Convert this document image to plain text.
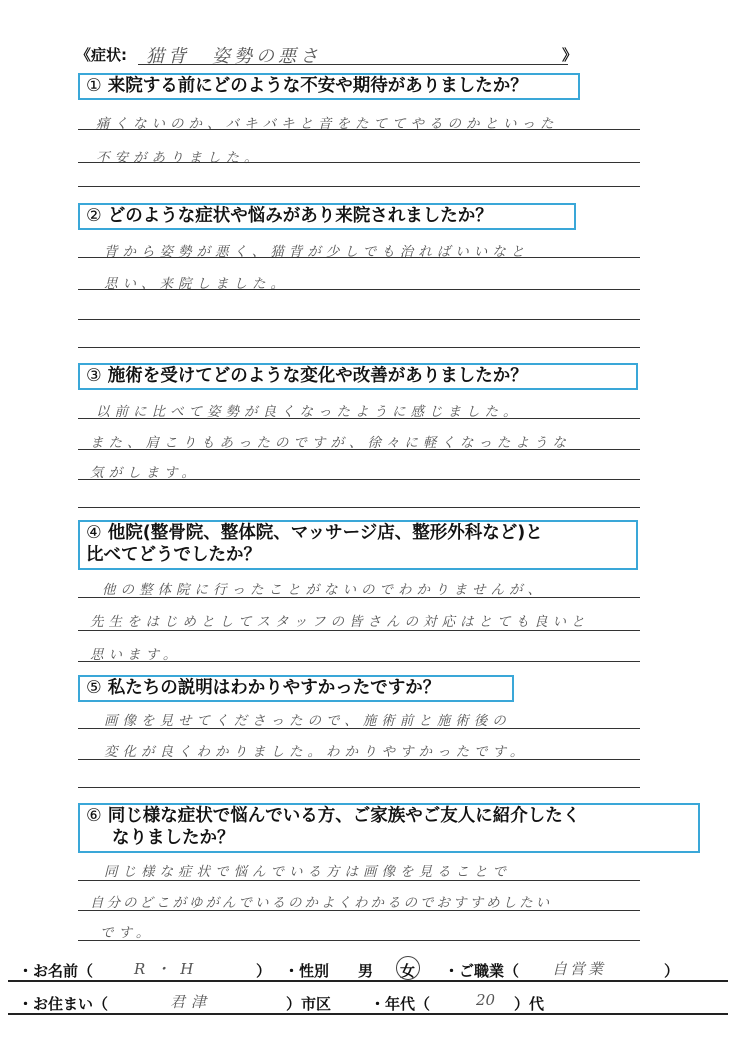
《症状: 猫背　姿勢の悪さ	》
① 来院する前にどのような不安や期待がありましたか？
痛くないのか、バキバキと音をたててやるのかといった
不安がありました。
② どのような症状や悩みがあり来院されましたか？
背から姿勢が悪く、猫背が少しでも治ればいいなと
思い、来院しました。
③ 施術を受けてどのような変化や改善がありましたか？
以前に比べて姿勢が良くなったように感じました。
また、肩こりもあったのですが、徐々に軽くなったような
気がします。
④ 他院(整骨院、整体院、マッサージ店、整形外科など)と
比べてどうでしたか？
他の整体院に行ったことがないのでわかりませんが、
先生をはじめとしてスタッフの皆さんの対応はとても良いと
思います。
⑤ 私たちの説明はわかりやすかったですか？
画像を見せてくださったので、施術前と施術後の
変化が良くわかりました。わかりやすかったです。
⑥ 同じ様な症状で悩んでいる方、ご家族やご友人に紹介したく
なりましたか？
同じ様な症状で悩んでいる方は画像を見ることで
自分のどこがゆがんでいるのかよくわかるのでおすすめしたい
です。
・お名前（	R・H	） ・性別 男 女 ・ご職業（ 自営業	）
・お住まい（	君津	）市区	・年代（	20 ）代
